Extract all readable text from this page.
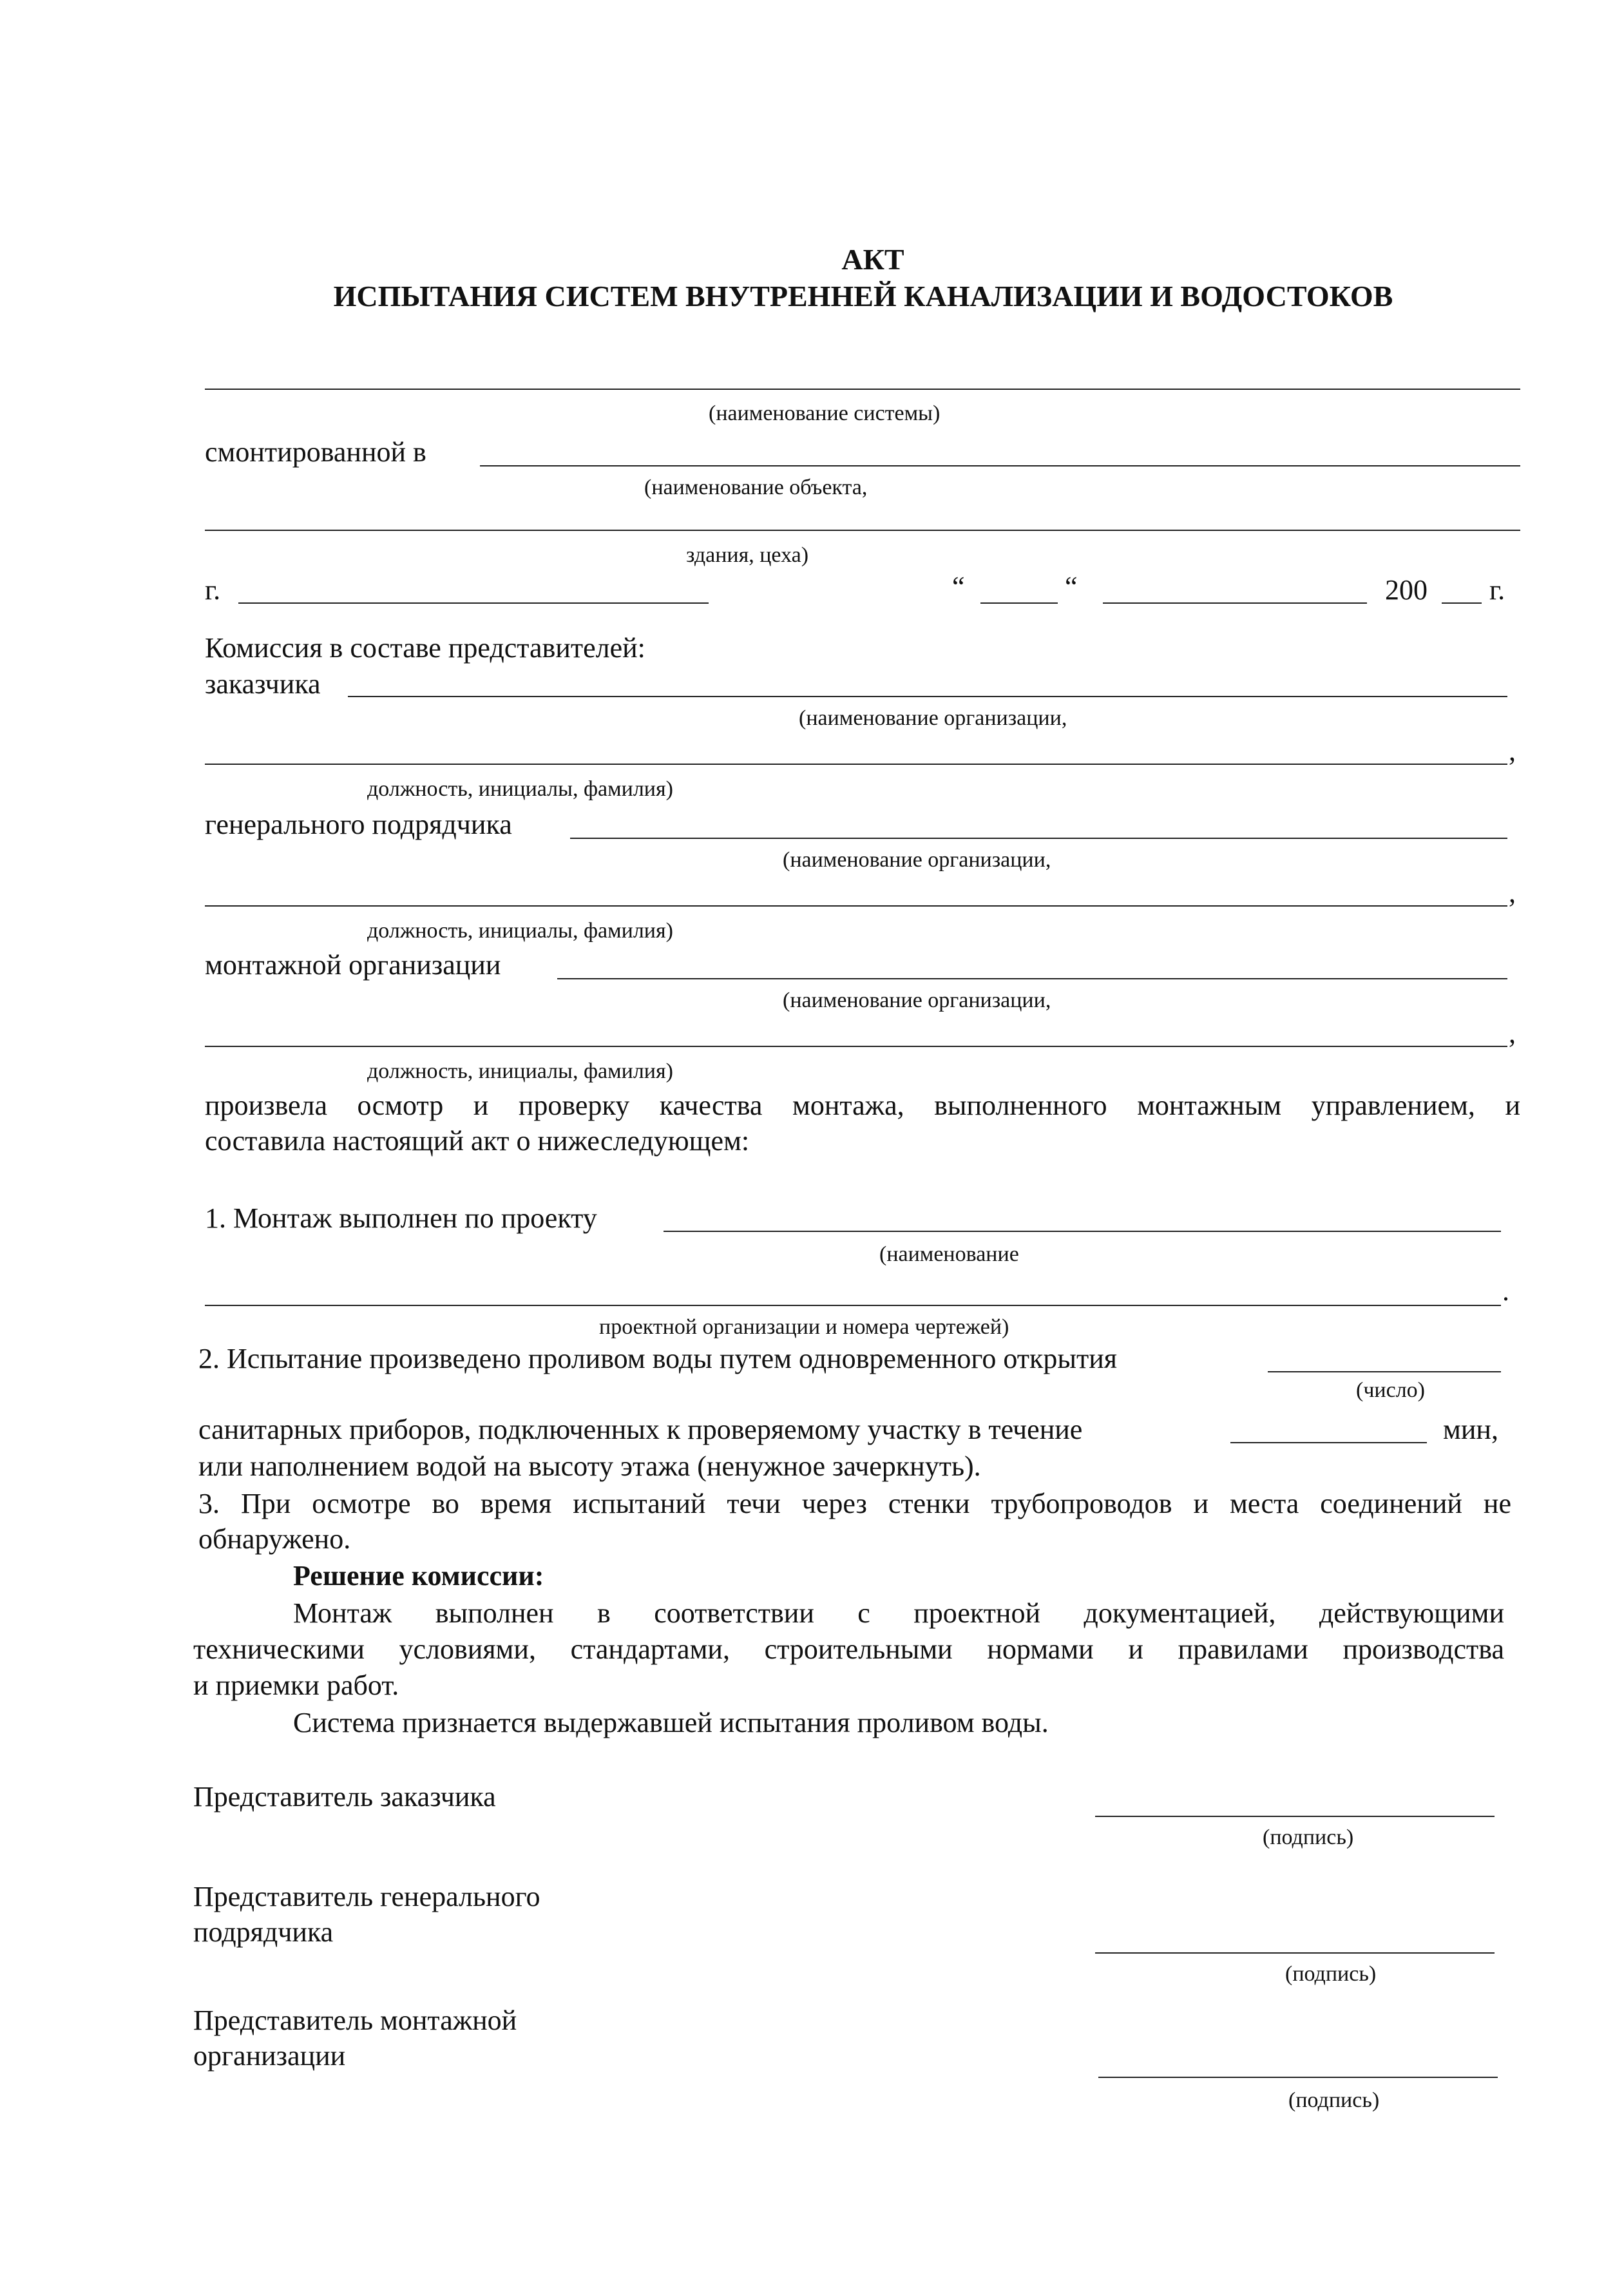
АКТ
ИСПЫТАНИЯ СИСТЕМ ВНУТРЕННЕЙ КАНАЛИЗАЦИИ И ВОДОСТОКОВ
(наименование системы)
смонтированной в
(наименование объекта,
здания, цеха)
г.	“	“	200 г.
Комиссия в составе представителей:
заказчика
(наименование организации,
,
должность, инициалы, фамилия)
генерального подрядчика
(наименование организации,
,
должность, инициалы, фамилия)
монтажной организации
(наименование организации,
,
должность, инициалы, фамилия)
произвела осмотр и проверку качества монтажа, выполненного монтажным управлением, и
составила настоящий акт о нижеследующем:
1. Монтаж выполнен по проекту
(наименование
.
проектной организации и номера чертежей)
2. Испытание произведено проливом воды путем одновременного открытия
(число)
санитарных приборов, подключенных к проверяемому участку в течение	мин,
или наполнением водой на высоту этажа (ненужное зачеркнуть).
3. При осмотре во время испытаний течи через стенки трубопроводов и места соединений не
обнаружено.
Решение комиссии:
Монтаж выполнен в соответствии с проектной документацией, действующими
техническими условиями, стандартами, строительными нормами и правилами производства
и приемки работ.
Система признается выдержавшей испытания проливом воды.
Представитель заказчика
(подпись)
Представитель генерального
подрядчика
(подпись)
Представитель монтажной
организации
(подпись)
